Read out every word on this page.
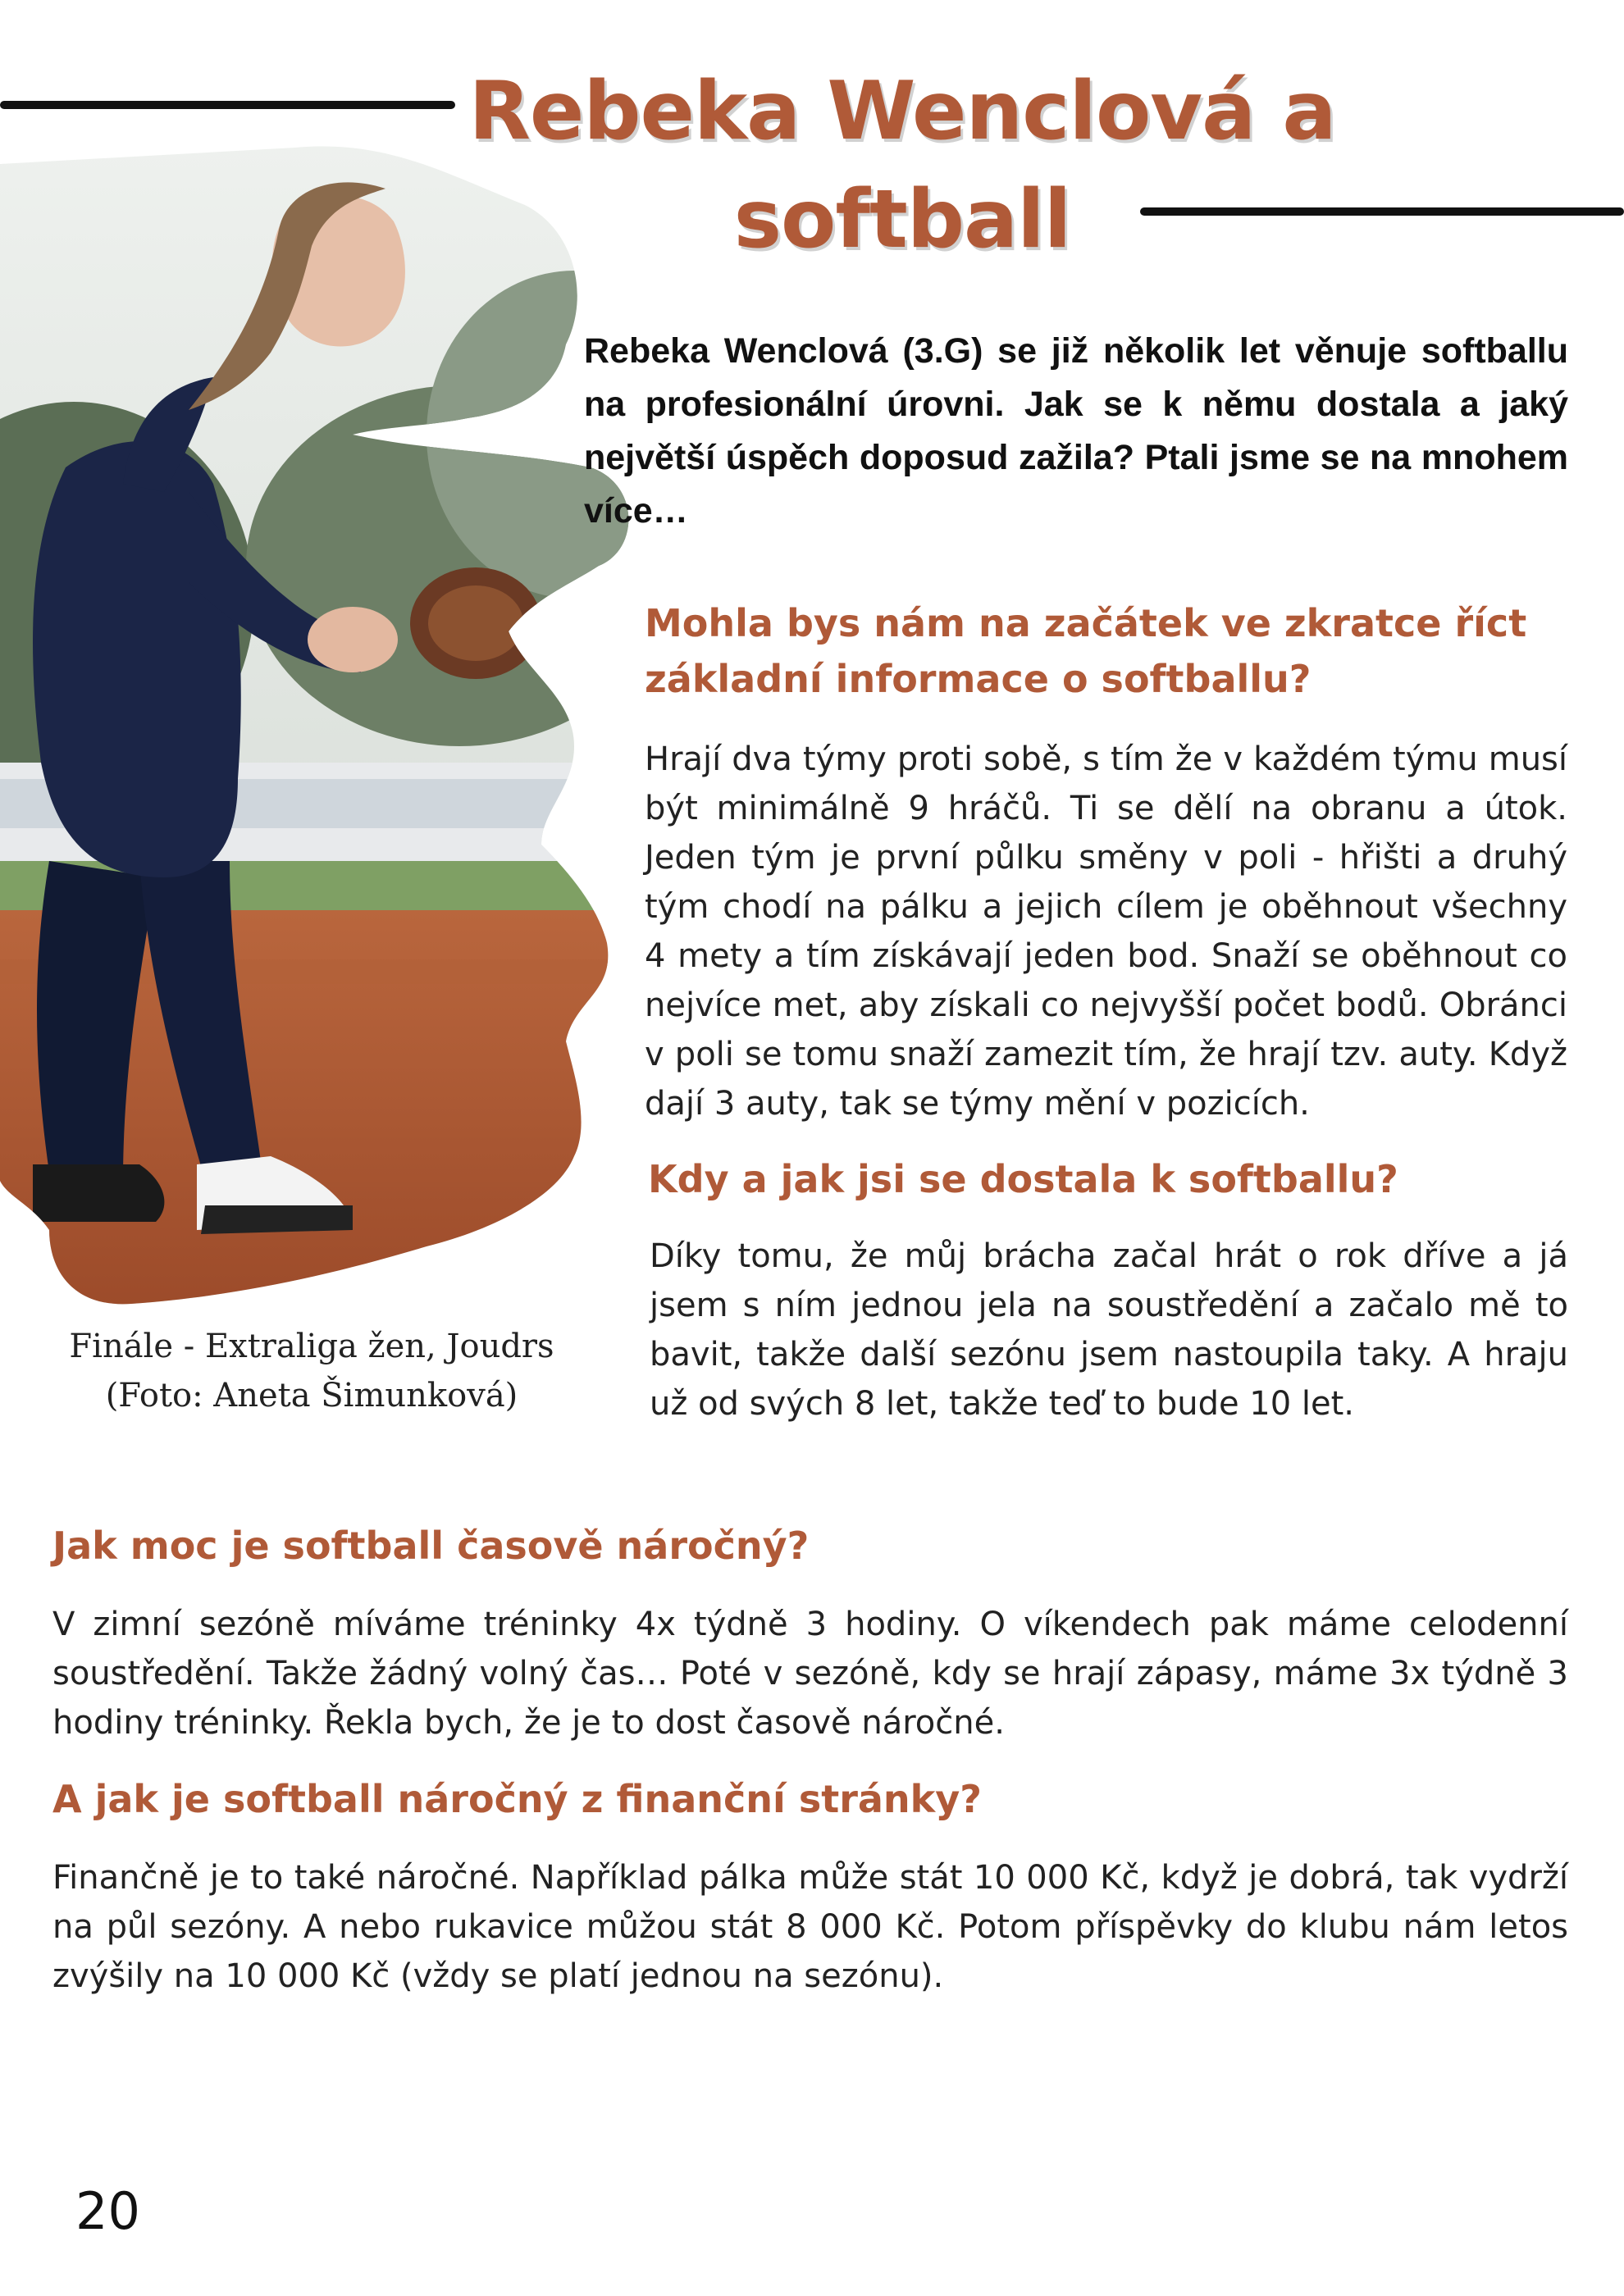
Rebeka Wenclová a softball

Finále - Extraliga žen, Joudrs
(Foto: Aneta Šimunková)

Rebeka Wenclová (3.G) se již několik let věnuje softballu na profesionální úrovni. Jak se k němu dostala a jaký největší úspěch doposud zažila? Ptali jsme se na mnohem více…

Mohla bys nám na začátek ve zkratce říct základní informace o softballu?

Hrají dva týmy proti sobě, s tím že v každém týmu musí být minimálně 9 hráčů. Ti se dělí na obranu a útok. Jeden tým je první půlku směny v poli - hřišti a druhý tým chodí na pálku a jejich cílem je oběhnout všechny 4 mety a tím získávají jeden bod. Snaží se oběhnout co nejvíce met, aby získali co nejvyšší počet bodů. Obránci v poli se tomu snaží zamezit tím, že hrají tzv. auty. Když dají 3 auty, tak se týmy mění v pozicích.

Kdy a jak jsi se dostala k softballu?

Díky tomu, že můj brácha začal hrát o rok dříve a já jsem s ním jednou jela na soustředění a začalo mě to bavit, takže další sezónu jsem nastoupila taky. A hraju už od svých 8 let, takže teď to bude 10 let.

Jak moc je softball časově náročný?

V zimní sezóně míváme tréninky 4x týdně 3 hodiny. O víkendech pak máme celodenní soustředění. Takže žádný volný čas… Poté v sezóně, kdy se hrají zápasy, máme 3x týdně 3 hodiny tréninky. Řekla bych, že je to dost časově náročné.

A jak je softball náročný z finanční stránky?

Finančně je to také náročné. Například pálka může stát 10 000 Kč, když je dobrá, tak vydrží na půl sezóny. A nebo rukavice můžou stát 8 000 Kč. Potom příspěvky do klubu nám letos zvýšily na 10 000 Kč (vždy se platí jednou na sezónu).

20
